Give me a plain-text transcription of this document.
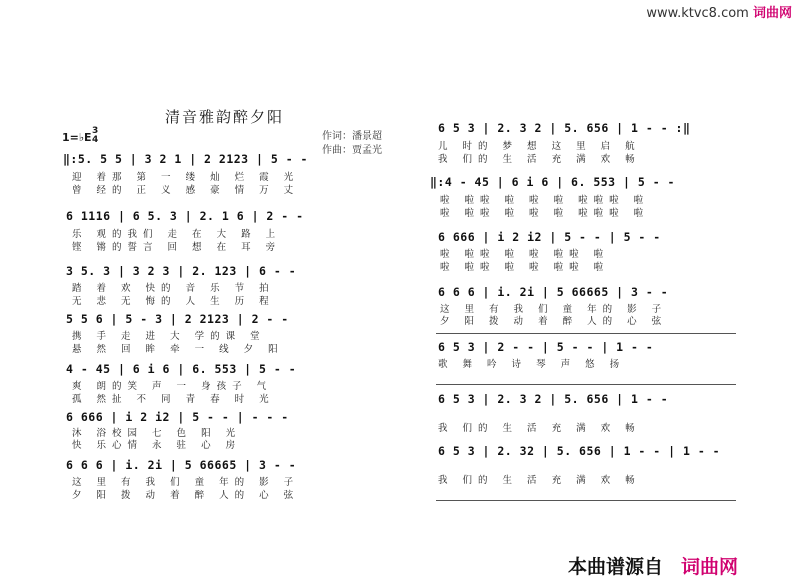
www.ktvc8.com 词曲网
清音雅韵醉夕阳
作词：潘景超
作曲：贾孟光
1=♭E 3
4
‖:5. 5 5 | 3 2 1 | 2 2123 | 5 - -
迎 着那 第 一 缕 灿 烂 霞 光
曾 经的 正 义 感 豪 情 万 丈
6 1116 | 6 5. 3 | 2. 1 6 | 2 - -
乐 观的我们 走 在 大 路 上
铿 锵的誓言 回 想 在 耳 旁
3 5. 3 | 3 2 3 | 2. 123 | 6 - -
踏 着 欢 快的 音 乐 节 拍
无 悲 无 悔的 人 生 历 程
5 5 6 | 5 - 3 | 2 2123 | 2 - -
携 手 走 进 大 学的课 堂
悬 然 回 眸 牵 一 线 夕 阳
4 - 45 | 6 i 6 | 6. 553 | 5 - -
爽 朗的笑 声 一 身孩子 气
孤 然扯 不 同 青 春 时 光
6 666 | i 2 i2 | 5 - - | - - -
沐 浴校园 七 色 阳 光
快 乐心情 永 驻 心 房
6 6 6 | i. 2i | 5 66665 | 3 - -
这 里 有 我 们 童 年的 影 子
夕 阳 拨 动 着 醉 人的 心 弦
6 5 3 | 2. 3 2 | 5. 656 | 1 - - :‖
儿 时的 梦 想 这 里 启 航
我 们的 生 活 充 满 欢 畅
‖:4 - 45 | 6 i 6 | 6. 553 | 5 - -
啦 啦啦 啦 啦 啦 啦啦啦 啦
啦 啦啦 啦 啦 啦 啦啦啦 啦
6 666 | i 2 i2 | 5 - - | 5 - -
啦 啦啦 啦 啦 啦啦 啦
啦 啦啦 啦 啦 啦啦 啦
6 6 6 | i. 2i | 5 66665 | 3 - -
这 里 有 我 们 童 年的 影 子
夕 阳 拨 动 着 醉 人的 心 弦
6 5 3 | 2 - - | 5 - - | 1 - -
歌 舞 吟 诗 琴 声 悠 扬
6 5 3 | 2. 3 2 | 5. 656 | 1 - -
我 们的 生 活 充 满 欢 畅
6 5 3 | 2. 32 | 5. 656 | 1 - - | 1 - -
我 们的 生 活 充 满 欢 畅
本曲谱源自 词曲网
